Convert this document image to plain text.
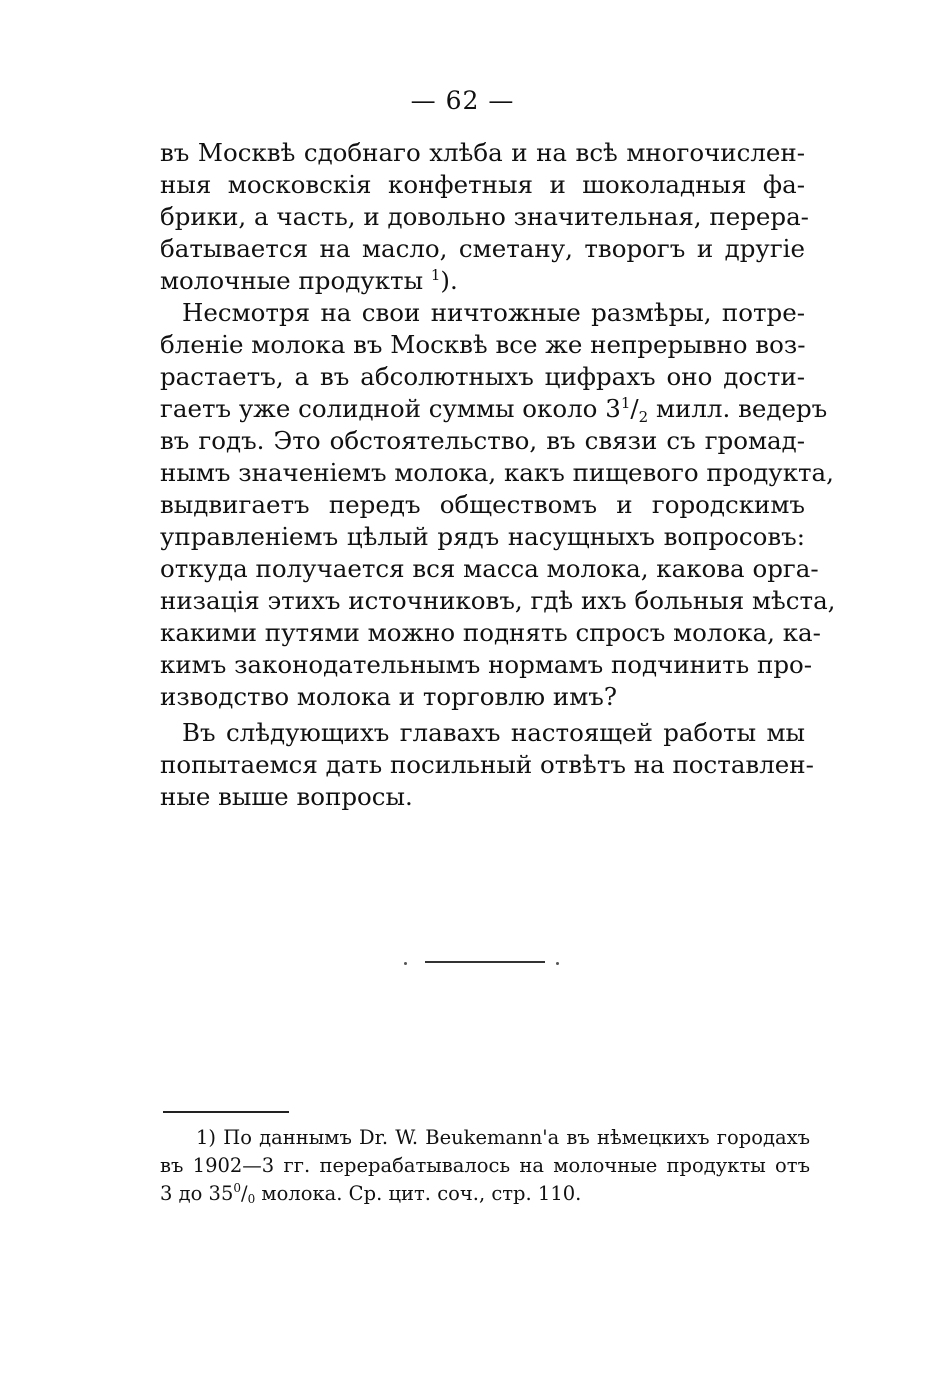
— 62 —
въ Москвѣ сдобнаго хлѣба и на всѣ многочислен-
ныя московскія конфетныя и шоколадныя фа-
брики, а часть, и довольно значительная, перера-
батывается на масло, сметану, творогъ и другіе
молочные продукты $^1$).
Несмотря на свои ничтожные размѣры, потре-
бленіе молока въ Москвѣ все же непрерывно воз-
растаетъ, а въ абсолютныхъ цифрахъ оно дости-
гаетъ уже солидной суммы около $3^1/_2$ милл. ведеръ
въ годъ. Это обстоятельство, въ связи съ громад-
нымъ значеніемъ молока, какъ пищевого продукта,
выдвигаетъ передъ обществомъ и городскимъ
управленіемъ цѣлый рядъ насущныхъ вопросовъ:
откуда получается вся масса молока, какова орга-
низація этихъ источниковъ, гдѣ ихъ больныя мѣста,
какими путями можно поднять спросъ молока, ка-
кимъ законодательнымъ нормамъ подчинить про-
изводство молока и торговлю имъ?
Въ слѣдующихъ главахъ настоящей работы мы
попытаемся дать посильный отвѣтъ на поставлен-
ные выше вопросы.
1) По даннымъ Dr. W. Beukemann'a въ нѣмецкихъ городахъ
въ 1902—3 гг. перерабатывалось на молочные продукты отъ
3 до $35^0/_0$ молока. Ср. цит. соч., стр. 110.
